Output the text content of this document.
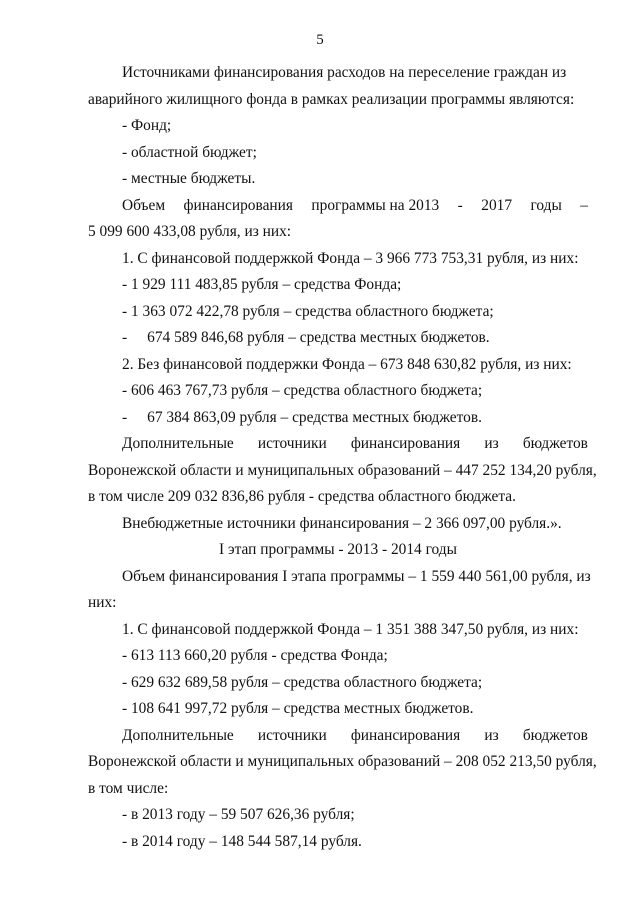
5

Источниками финансирования расходов на переселение граждан из

аварийного жилищного фонда в рамках реализации программы являются:

- Фонд;

- областной бюджет;

- местные бюджеты.

Объем финансирования программы на 2013 - 2017 годы –

5 099 600 433,08 рубля, из них:

1. С финансовой поддержкой Фонда – 3 966 773 753,31 рубля, из них:

- 1 929 111 483,85 рубля – средства Фонда;

- 1 363 072 422,78 рубля – средства областного бюджета;

- 674 589 846,68 рубля – средства местных бюджетов.

2. Без финансовой поддержки Фонда – 673 848 630,82 рубля, из них:

- 606 463 767,73 рубля – средства областного бюджета;

- 67 384 863,09 рубля – средства местных бюджетов.

Дополнительные источники финансирования из бюджетов

Воронежской области и муниципальных образований – 447 252 134,20 рубля,

в том числе 209 032 836,86 рубля - средства областного бюджета.

Внебюджетные источники финансирования – 2 366 097,00 рубля.».

I этап программы - 2013 - 2014 годы

Объем финансирования I этапа программы – 1 559 440 561,00 рубля, из

них:

1. С финансовой поддержкой Фонда – 1 351 388 347,50 рубля, из них:

- 613 113 660,20 рубля - средства Фонда;

- 629 632 689,58 рубля – средства областного бюджета;

- 108 641 997,72 рубля – средства местных бюджетов.

Дополнительные источники финансирования из бюджетов

Воронежской области и муниципальных образований – 208 052 213,50 рубля,

в том числе:

- в 2013 году – 59 507 626,36 рубля;

- в 2014 году – 148 544 587,14 рубля.
